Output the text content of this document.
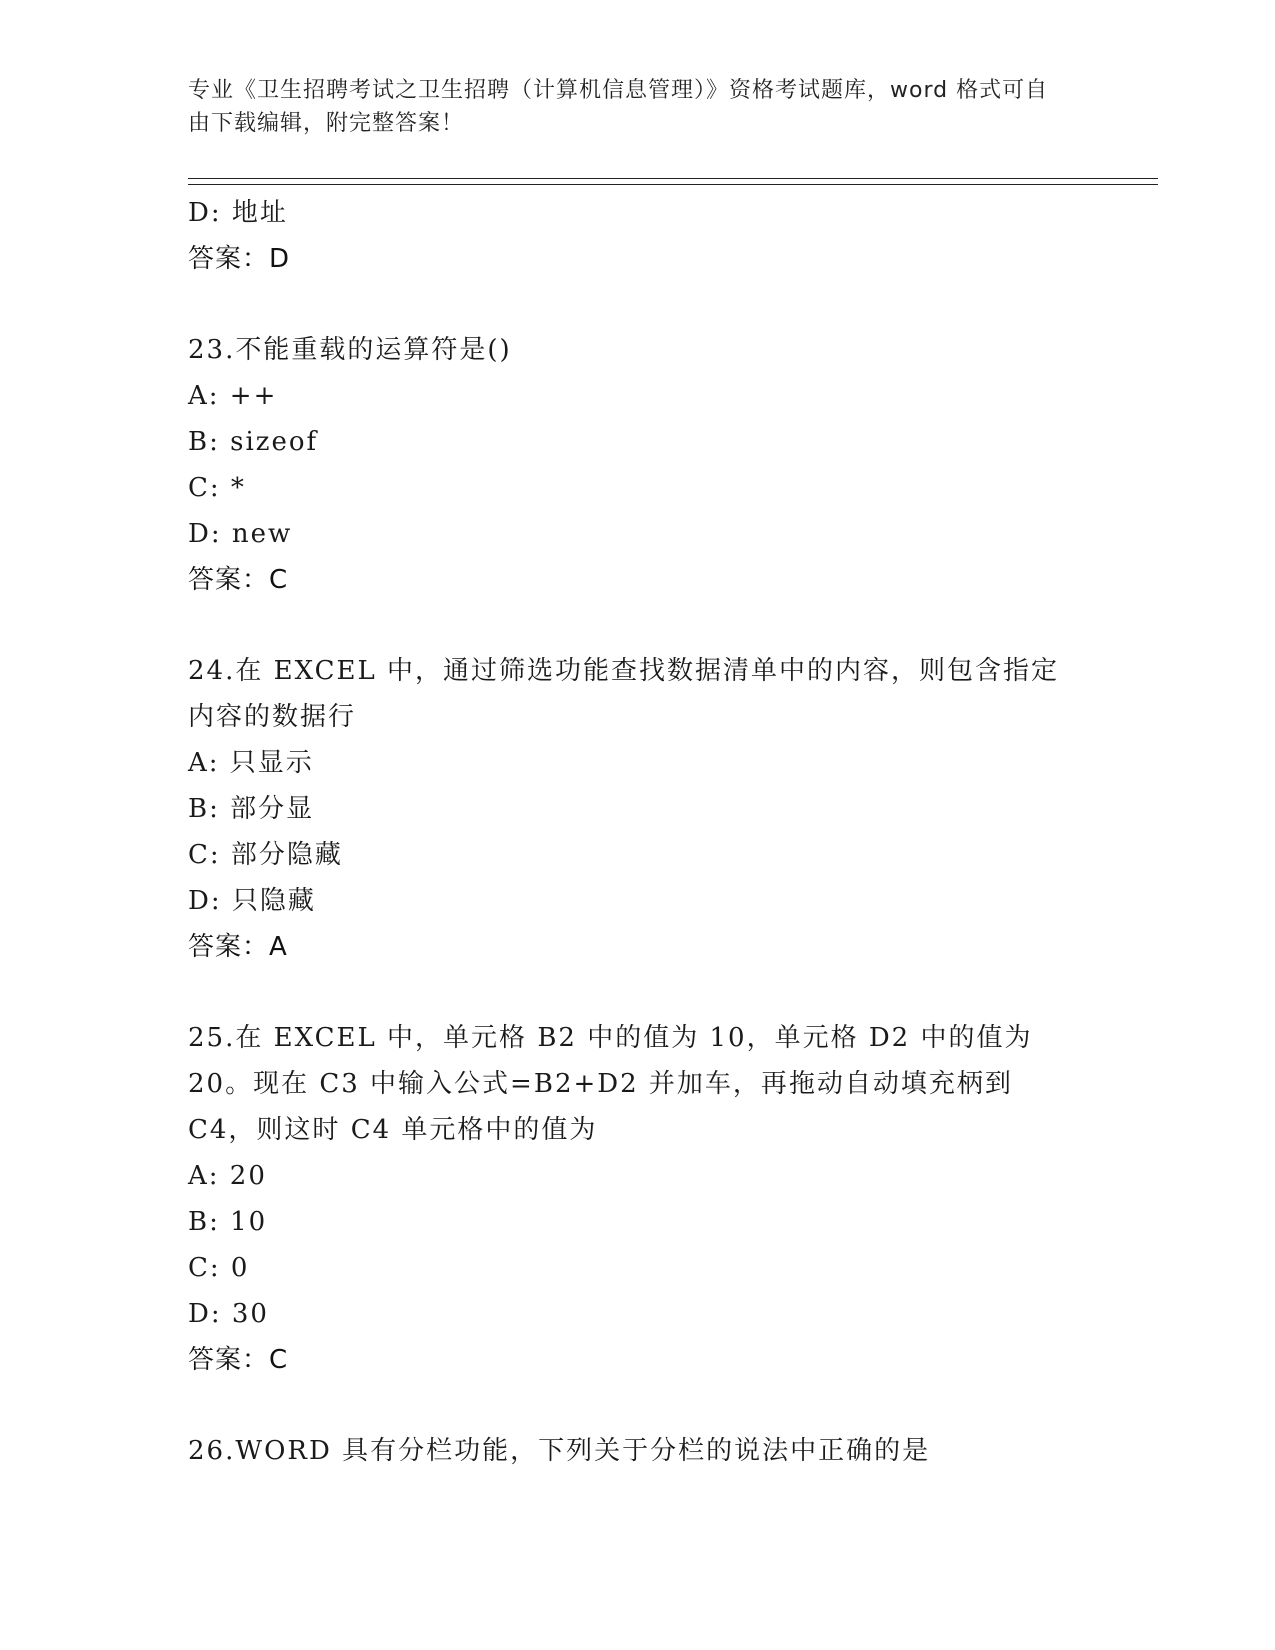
专业《卫生招聘考试之卫生招聘（计算机信息管理）》资格考试题库，word 格式可自由下载编辑，附完整答案！
D: 地址
答案：D
23.不能重载的运算符是()
A: ++
B: sizeof
C: *
D: new
答案：C
24.在 EXCEL 中，通过筛选功能查找数据清单中的内容，则包含指定内容的数据行
A: 只显示
B: 部分显
C: 部分隐藏
D: 只隐藏
答案：A
25.在 EXCEL 中，单元格 B2 中的值为 10，单元格 D2 中的值为 20。现在 C3 中输入公式=B2+D2 并加车，再拖动自动填充柄到 C4，则这时 C4 单元格中的值为
A: 20
B: 10
C: 0
D: 30
答案：C
26.WORD 具有分栏功能，下列关于分栏的说法中正确的是
